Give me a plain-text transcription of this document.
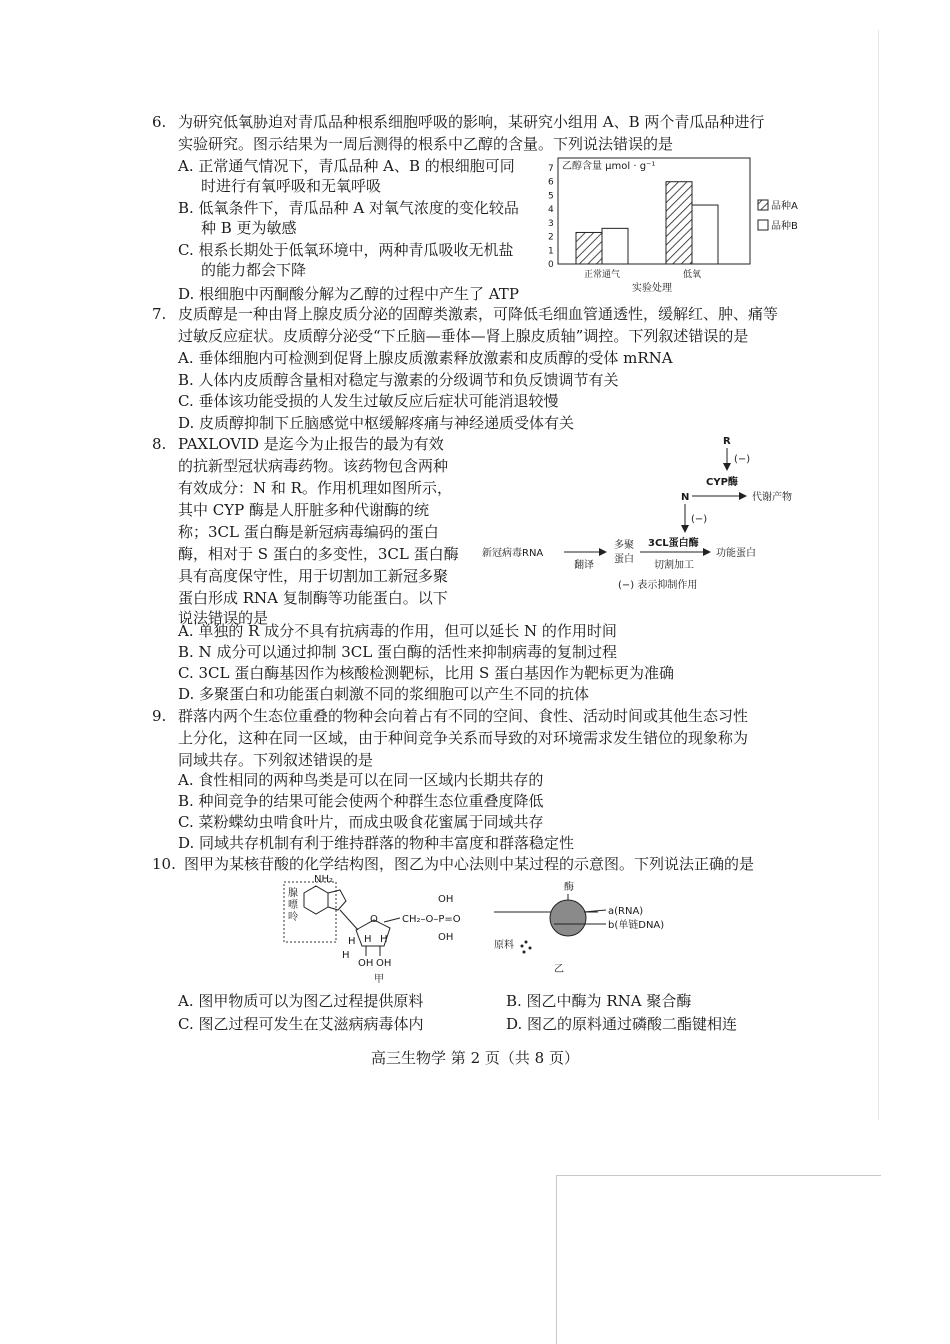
6. 为研究低氧胁迫对青瓜品种根系细胞呼吸的影响，某研究小组用 A、B 两个青瓜品种进行
实验研究。图示结果为一周后测得的根系中乙醇的含量。下列说法错误的是
A. 正常通气情况下，青瓜品种 A、B 的根细胞可同
时进行有氧呼吸和无氧呼吸
B. 低氧条件下，青瓜品种 A 对氧气浓度的变化较品
种 B 更为敏感
C. 根系长期处于低氧环境中，两种青瓜吸收无机盐
的能力都会下降
D. 根细胞中丙酮酸分解为乙醇的过程中产生了 ATP
0
1
2
3
4
5
6
7
正常通气	低氧
乙醇含量 μmol · g⁻¹
实验处理
品种A
品种B
7. 皮质醇是一种由肾上腺皮质分泌的固醇类激素，可降低毛细血管通透性，缓解红、肿、痛等
过敏反应症状。皮质醇分泌受“下丘脑—垂体—肾上腺皮质轴”调控。下列叙述错误的是
A. 垂体细胞内可检测到促肾上腺皮质激素释放激素和皮质醇的受体 mRNA
B. 人体内皮质醇含量相对稳定与激素的分级调节和负反馈调节有关
C. 垂体该功能受损的人发生过敏反应后症状可能消退较慢
D. 皮质醇抑制下丘脑感觉中枢缓解疼痛与神经递质受体有关
8. PAXLOVID 是迄今为止报告的最为有效
的抗新型冠状病毒药物。该药物包含两种
有效成分：N 和 R。作用机理如图所示，
其中 CYP 酶是人肝脏多种代谢酶的统
称；3CL 蛋白酶是新冠病毒编码的蛋白
酶，相对于 S 蛋白的多变性，3CL 蛋白酶
具有高度保守性，用于切割加工新冠多聚
蛋白形成 RNA 复制酶等功能蛋白。以下
说法错误的是
R
(−)
CYP酶
N	代谢产物
(−)
新冠病毒RNA
翻译
多聚
蛋白
3CL蛋白酶
切割加工
功能蛋白
(−) 表示抑制作用
A. 单独的 R 成分不具有抗病毒的作用，但可以延长 N 的作用时间
B. N 成分可以通过抑制 3CL 蛋白酶的活性来抑制病毒的复制过程
C. 3CL 蛋白酶基因作为核酸检测靶标，比用 S 蛋白基因作为靶标更为准确
D. 多聚蛋白和功能蛋白刺激不同的浆细胞可以产生不同的抗体
9. 群落内两个生态位重叠的物种会向着占有不同的空间、食性、活动时间或其他生态习性
上分化，这种在同一区域，由于种间竞争关系而导致的对环境需求发生错位的现象称为
同域共存。下列叙述错误的是
A. 食性相同的两种鸟类是可以在同一区域内长期共存的
B. 种间竞争的结果可能会使两个种群生态位重叠度降低
C. 菜粉蝶幼虫啃食叶片，而成虫吸食花蜜属于同域共存
D. 同域共存机制有利于维持群落的物种丰富度和群落稳定性
10. 图甲为某核苷酸的化学结构图，图乙为中心法则中某过程的示意图。下列说法正确的是
NH₂
腺
嘌
呤	O CH₂–O–P=O
OH
OH
H H H
H
OH OH
甲
酶
a(RNA)
b(单链DNA)
原料
乙
A. 图甲物质可以为图乙过程提供原料	B. 图乙中酶为 RNA 聚合酶
C. 图乙过程可发生在艾滋病病毒体内	D. 图乙的原料通过磷酸二酯键相连
高三生物学 第 2 页（共 8 页）
